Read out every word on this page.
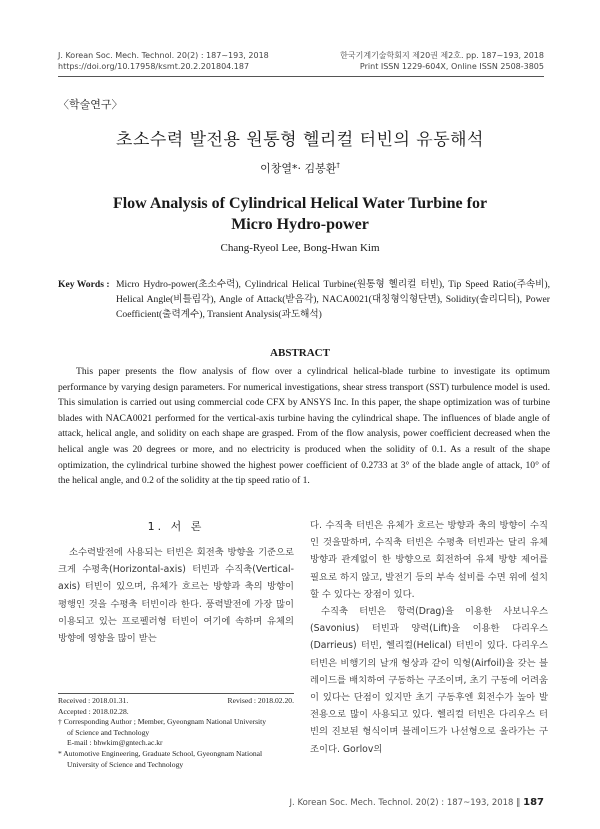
J. Korean Soc. Mech. Technol. 20(2) : 187~193, 2018
https://doi.org/10.17958/ksmt.20.2.201804.187
한국기계기술학회지 제20권 제2호. pp. 187~193, 2018
Print ISSN 1229-604X, Online ISSN 2508-3805
〈학술연구〉
초소수력 발전용 원통형 헬리컬 터빈의 유동해석
이창열*· 김봉환†
Flow Analysis of Cylindrical Helical Water Turbine for
Micro Hydro-power
Chang-Ryeol Lee, Bong-Hwan Kim
Key Words : Micro Hydro-power(초소수력), Cylindrical Helical Turbine(원통형 헬리컬 터빈), Tip Speed Ratio(주속비), Helical Angle(비틀림각), Angle of Attack(받음각), NACA0021(대칭형익형단면), Solidity(솔리디티), Power Coefficient(출력계수), Transient Analysis(과도해석)
ABSTRACT
This paper presents the flow analysis of flow over a cylindrical helical-blade turbine to investigate its optimum performance by varying design parameters. For numerical investigations, shear stress transport (SST) turbulence model is used. This simulation is carried out using commercial code CFX by ANSYS Inc. In this paper, the shape optimization was of turbine blades with NACA0021 performed for the vertical-axis turbine having the cylindrical shape. The influences of blade angle of attack, helical angle, and solidity on each shape are grasped. From of the flow analysis, power coefficient decreased when the helical angle was 20 degrees or more, and no electricity is produced when the solidity of 0.1. As a result of the shape optimization, the cylindrical turbine showed the highest power coefficient of 0.2733 at 3° of the blade angle of attack, 10° of the helical angle, and 0.2 of the solidity at the tip speed ratio of 1.
1. 서 론

소수력발전에 사용되는 터빈은 회전축 방향을 기준으로 크게 수평축(Horizontal-axis) 터빈과 수직축(Vertical-axis) 터빈이 있으며, 유체가 흐르는 방향과 축의 방향이 평행인 것을 수평축 터빈이라 한다. 풍력발전에 가장 많이 이용되고 있는 프로펠러형 터빈이 여기에 속하며 유체의 방향에 영향을 많이 받는

Received : 2018.01.31.	Revised : 2018.02.20.
Accepted : 2018.02.28.
† Corresponding Author ; Member, Gyeongnam National University
of Science and Technology
E-mail : bhwkim@gntech.ac.kr
* Automotive Engineering, Graduate School, Gyeongnam National
University of Science and Technology

다. 수직축 터빈은 유체가 흐르는 방향과 축의 방향이 수직인 것을말하며, 수직축 터빈은 수평축 터빈과는 달리 유체 방향과 관계없이 한 방향으로 회전하여 유체 방향 제어를 필요로 하지 않고, 발전기 등의 부속 설비를 수면 위에 설치할 수 있다는 장점이 있다.

수직축 터빈은 항력(Drag)을 이용한 사보니우스(Savonius) 터빈과 양력(Lift)을 이용한 다리우스(Darrieus) 터빈, 헬리컬(Helical) 터빈이 있다. 다리우스 터빈은 비행기의 날개 형상과 같이 익형(Airfoil)을 갖는 블레이드를 배치하여 구동하는 구조이며, 초기 구동에 어려움이 있다는 단점이 있지만 초기 구동후엔 회전수가 높아 발전용으로 많이 사용되고 있다. 헬리컬 터빈은 다리우스 터빈의 진보된 형식이며 블레이드가 나선형으로 올라가는 구조이다. Gorlov의

J. Korean Soc. Mech. Technol. 20(2) : 187~193, 2018 ‖ 187
